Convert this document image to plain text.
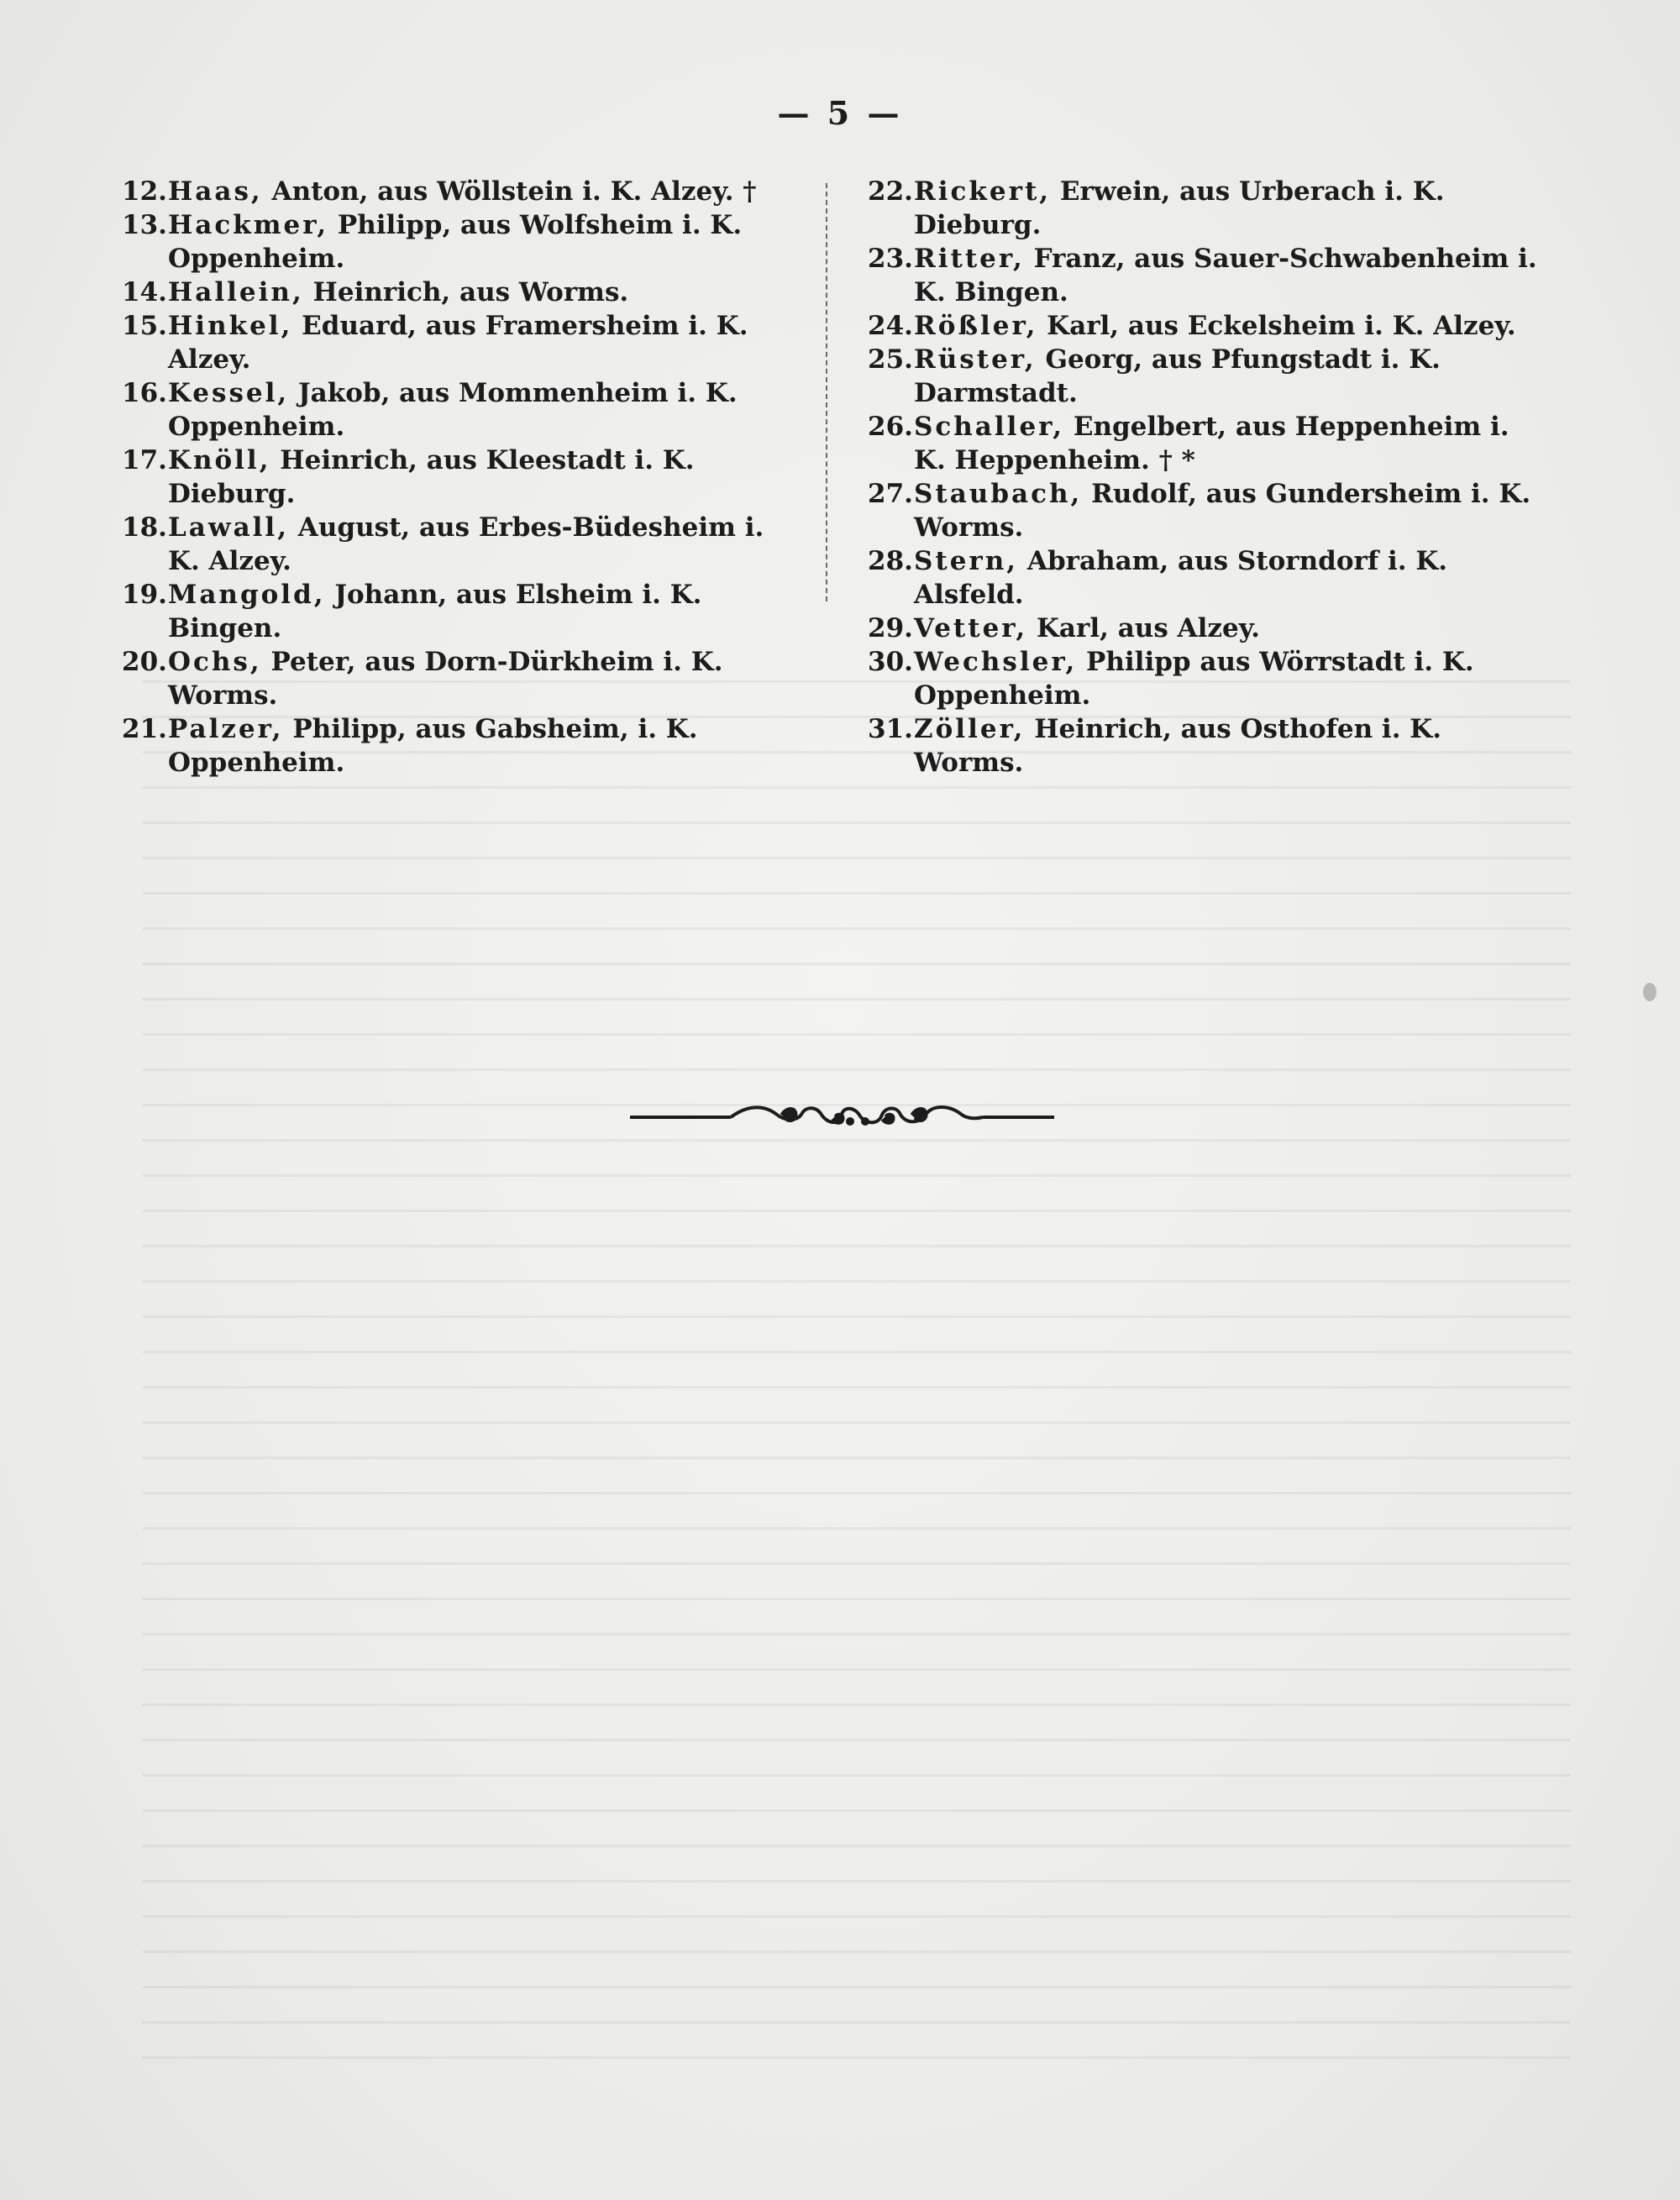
— 5 —

12. Haas, Anton, aus Wöllstein i. K. Alzey. †

13. Hackmer, Philipp, aus Wolfsheim i. K. Oppenheim.

14. Hallein, Heinrich, aus Worms.

15. Hinkel, Eduard, aus Framersheim i. K. Alzey.

16. Kessel, Jakob, aus Mommenheim i. K. Oppenheim.

17. Knöll, Heinrich, aus Kleestadt i. K. Dieburg.

18. Lawall, August, aus Erbes-Büdesheim i. K. Alzey.

19. Mangold, Johann, aus Elsheim i. K. Bingen.

20. Ochs, Peter, aus Dorn-Dürkheim i. K. Worms.

21. Palzer, Philipp, aus Gabsheim, i. K. Oppenheim.

22. Rickert, Erwein, aus Urberach i. K. Dieburg.

23. Ritter, Franz, aus Sauer-Schwabenheim i. K. Bingen.

24. Rößler, Karl, aus Eckelsheim i. K. Alzey.

25. Rüster, Georg, aus Pfungstadt i. K. Darmstadt.

26. Schaller, Engelbert, aus Heppenheim i. K. Heppenheim. † *

27. Staubach, Rudolf, aus Gundersheim i. K. Worms.

28. Stern, Abraham, aus Storndorf i. K. Alsfeld.

29. Vetter, Karl, aus Alzey.

30. Wechsler, Philipp aus Wörrstadt i. K. Oppenheim.

31. Zöller, Heinrich, aus Osthofen i. K. Worms.
